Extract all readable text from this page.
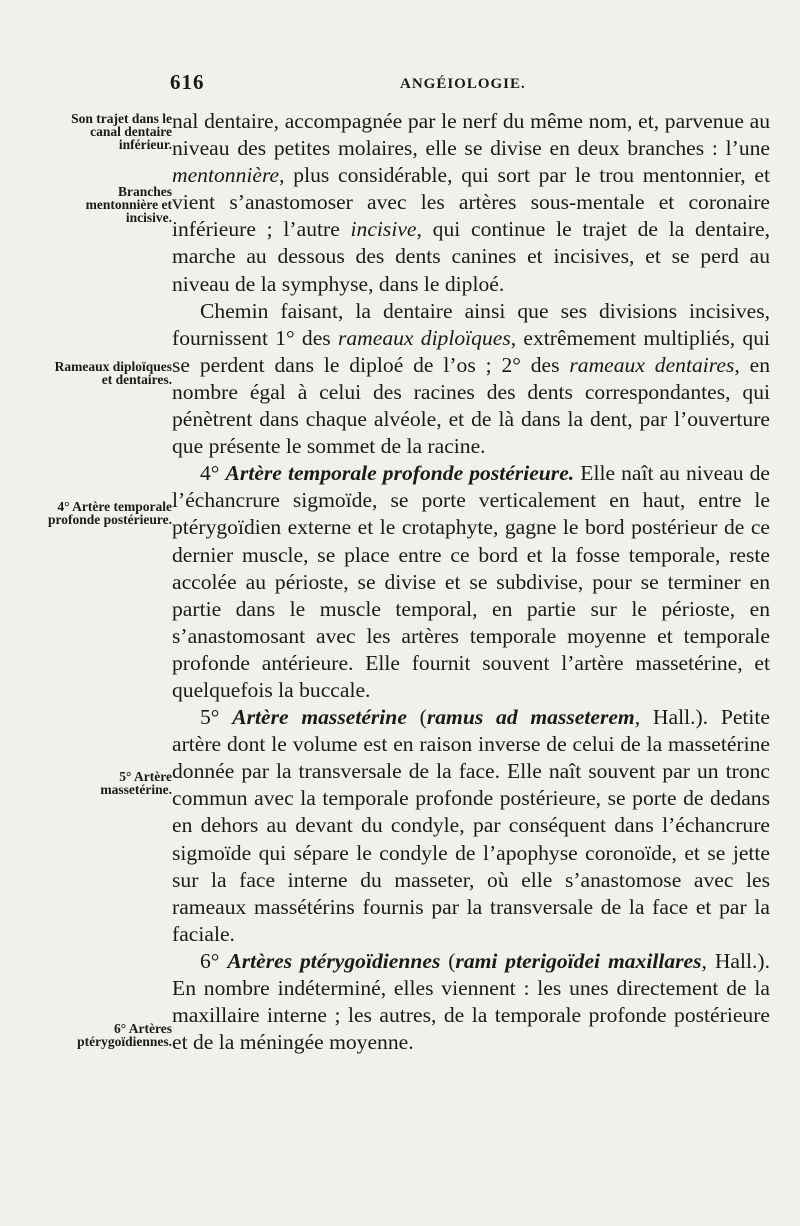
616	ANGÉIOLOGIE.
Son trajet dans le canal dentaire inférieur.
Branches mentonnière et incisive.
Rameaux diploïques et dentaires.
4° Artère temporale profonde postérieure.
5° Artère massetérine.
6° Artères ptérygoïdiennes.

nal dentaire, accompagnée par le nerf du même nom, et, parvenue au niveau des petites molaires, elle se divise en deux branches : l’une mentonnière, plus considérable, qui sort par le trou mentonnier, et vient s’anastomoser avec les artères sous-mentale et coronaire inférieure ; l’autre incisive, qui continue le trajet de la dentaire, marche au dessous des dents canines et incisives, et se perd au niveau de la symphyse, dans le diploé.

Chemin faisant, la dentaire ainsi que ses divisions incisives, fournissent 1° des rameaux diploïques, extrêmement multipliés, qui se perdent dans le diploé de l’os ; 2° des rameaux dentaires, en nombre égal à celui des racines des dents correspondantes, qui pénètrent dans chaque alvéole, et de là dans la dent, par l’ouverture que présente le sommet de la racine.

4° Artère temporale profonde postérieure. Elle naît au niveau de l’échancrure sigmoïde, se porte verticalement en haut, entre le ptérygoïdien externe et le crotaphyte, gagne le bord postérieur de ce dernier muscle, se place entre ce bord et la fosse temporale, reste accolée au périoste, se divise et se subdivise, pour se terminer en partie dans le muscle temporal, en partie sur le périoste, en s’anastomosant avec les artères temporale moyenne et temporale profonde antérieure. Elle fournit souvent l’artère massetérine, et quelquefois la buccale.

5° Artère massetérine (ramus ad masseterem, Hall.). Petite artère dont le volume est en raison inverse de celui de la massetérine donnée par la transversale de la face. Elle naît souvent par un tronc commun avec la temporale profonde postérieure, se porte de dedans en dehors au devant du condyle, par conséquent dans l’échancrure sigmoïde qui sépare le condyle de l’apophyse coronoïde, et se jette sur la face interne du masseter, où elle s’anastomose avec les rameaux massétérins fournis par la transversale de la face et par la faciale.

6° Artères ptérygoïdiennes (rami pterigoïdei maxillares, Hall.). En nombre indéterminé, elles viennent : les unes directement de la maxillaire interne ; les autres, de la temporale profonde postérieure et de la méningée moyenne.
